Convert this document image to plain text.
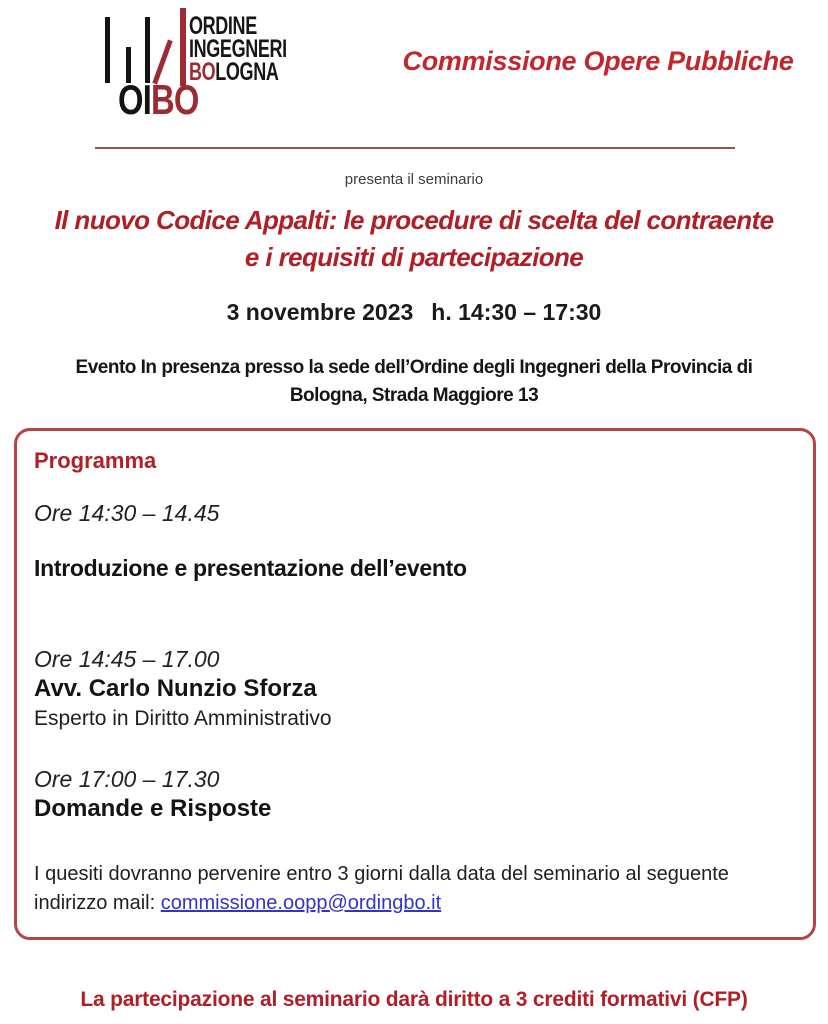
ORDINE
INGEGNERI
BOLOGNA
OIBO
Commissione Opere Pubbliche
presenta il seminario
Il nuovo Codice Appalti: le procedure di scelta del contraente
e i requisiti di partecipazione
3 novembre 2023 h. 14:30 – 17:30
Evento In presenza presso la sede dell’Ordine degli Ingegneri della Provincia di
Bologna, Strada Maggiore 13
Programma
Ore 14:30 – 14.45
Introduzione e presentazione dell’evento
Ore 14:45 – 17.00
Avv. Carlo Nunzio Sforza
Esperto in Diritto Amministrativo
Ore 17:00 – 17.30
Domande e Risposte
I quesiti dovranno pervenire entro 3 giorni dalla data del seminario al seguente
indirizzo mail: commissione.oopp@ordingbo.it
La partecipazione al seminario darà diritto a 3 crediti formativi (CFP)
